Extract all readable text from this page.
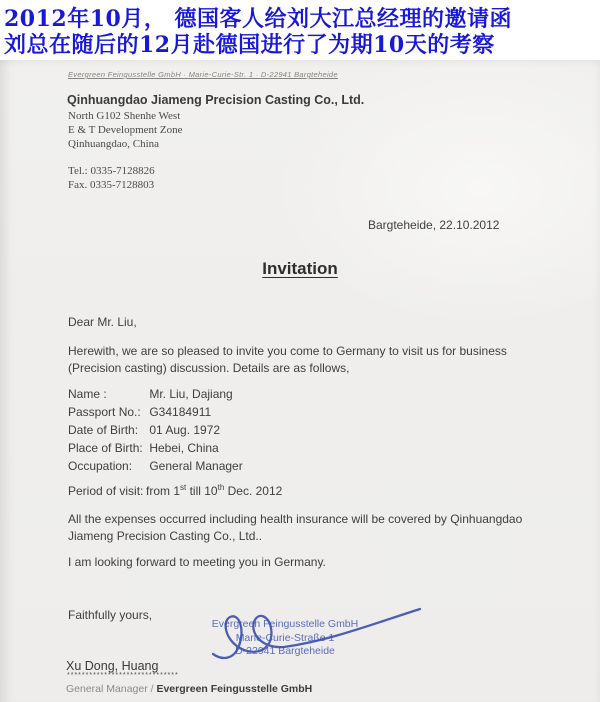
2012年10月， 德国客人给刘大江总经理的邀请函
刘总在随后的12月赴德国进行了为期10天的考察
Evergreen Feingusstelle GmbH · Marie-Curie-Str. 1 · D-22941 Bargteheide
Qinhuangdao Jiameng Precision Casting Co., Ltd.
North G102 Shenhe West
E & T Development Zone
Qinhuangdao, China
Tel.: 0335-7128826
Fax. 0335-7128803
Bargteheide, 22.10.2012
Invitation
Dear Mr. Liu,
Herewith, we are so pleased to invite you come to Germany to visit us for business (Precision casting) discussion. Details are as follows,
Name :	Mr. Liu, Dajiang
Passport No.: G34184911
Date of Birth: 01 Aug. 1972
Place of Birth: Hebei, China
Occupation: General Manager
Period of visit: from 1st till 10th Dec. 2012
All the expenses occurred including health insurance will be covered by Qinhuangdao Jiameng Precision Casting Co., Ltd..
I am looking forward to meeting you in Germany.
Faithfully yours,
Evergreen Feingusstelle GmbH
Marie-Curie-Straße 1
D-22941 Bargteheide
Xu Dong, Huang
******************************
General Manager / Evergreen Feingusstelle GmbH
